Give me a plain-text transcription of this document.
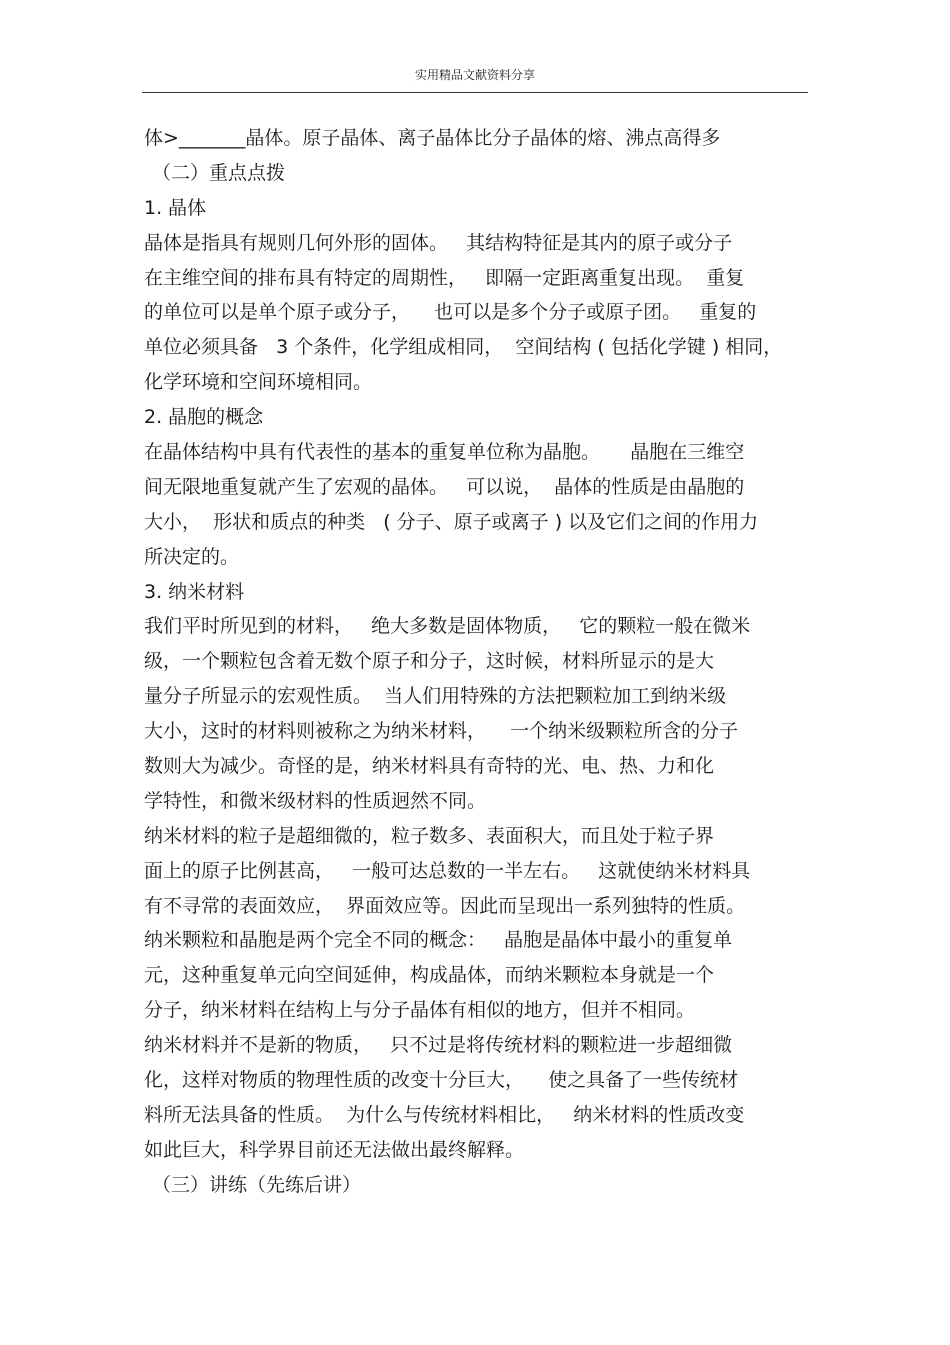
实用精品文献资料分享
体>_______晶体。原子晶体、离子晶体比分子晶体的熔、沸点高得多
（二）重点点拨
1. 晶体
晶体是指具有规则几何外形的固体。   其结构特征是其内的原子或分子
在主维空间的排布具有特定的周期性，   即隔一定距离重复出现。  重复
的单位可以是单个原子或分子，    也可以是多个分子或原子团。   重复的
单位必须具备   3 个条件，化学组成相同，  空间结构 ( 包括化学键 ) 相同，
化学环境和空间环境相同。
2. 晶胞的概念
在晶体结构中具有代表性的基本的重复单位称为晶胞。     晶胞在三维空
间无限地重复就产生了宏观的晶体。   可以说，  晶体的性质是由晶胞的
大小，  形状和质点的种类   ( 分子、原子或离子 ) 以及它们之间的作用力
所决定的。
3. 纳米材料
我们平时所见到的材料，   绝大多数是固体物质，   它的颗粒一般在微米
级，一个颗粒包含着无数个原子和分子，这时候，材料所显示的是大
量分子所显示的宏观性质。  当人们用特殊的方法把颗粒加工到纳米级
大小，这时的材料则被称之为纳米材料，    一个纳米级颗粒所含的分子
数则大为减少。奇怪的是，纳米材料具有奇特的光、电、热、力和化
学特性，和微米级材料的性质迥然不同。
纳米材料的粒子是超细微的，粒子数多、表面积大，而且处于粒子界
面上的原子比例甚高，   一般可达总数的一半左右。   这就使纳米材料具
有不寻常的表面效应，  界面效应等。因此而呈现出一系列独特的性质。
纳米颗粒和晶胞是两个完全不同的概念：   晶胞是晶体中最小的重复单
元，这种重复单元向空间延伸，构成晶体，而纳米颗粒本身就是一个
分子，纳米材料在结构上与分子晶体有相似的地方，但并不相同。
纳米材料并不是新的物质，   只不过是将传统材料的颗粒进一步超细微
化，这样对物质的物理性质的改变十分巨大，    使之具备了一些传统材
料所无法具备的性质。  为什么与传统材料相比，   纳米材料的性质改变
如此巨大，科学界目前还无法做出最终解释。
（三）讲练（先练后讲）
